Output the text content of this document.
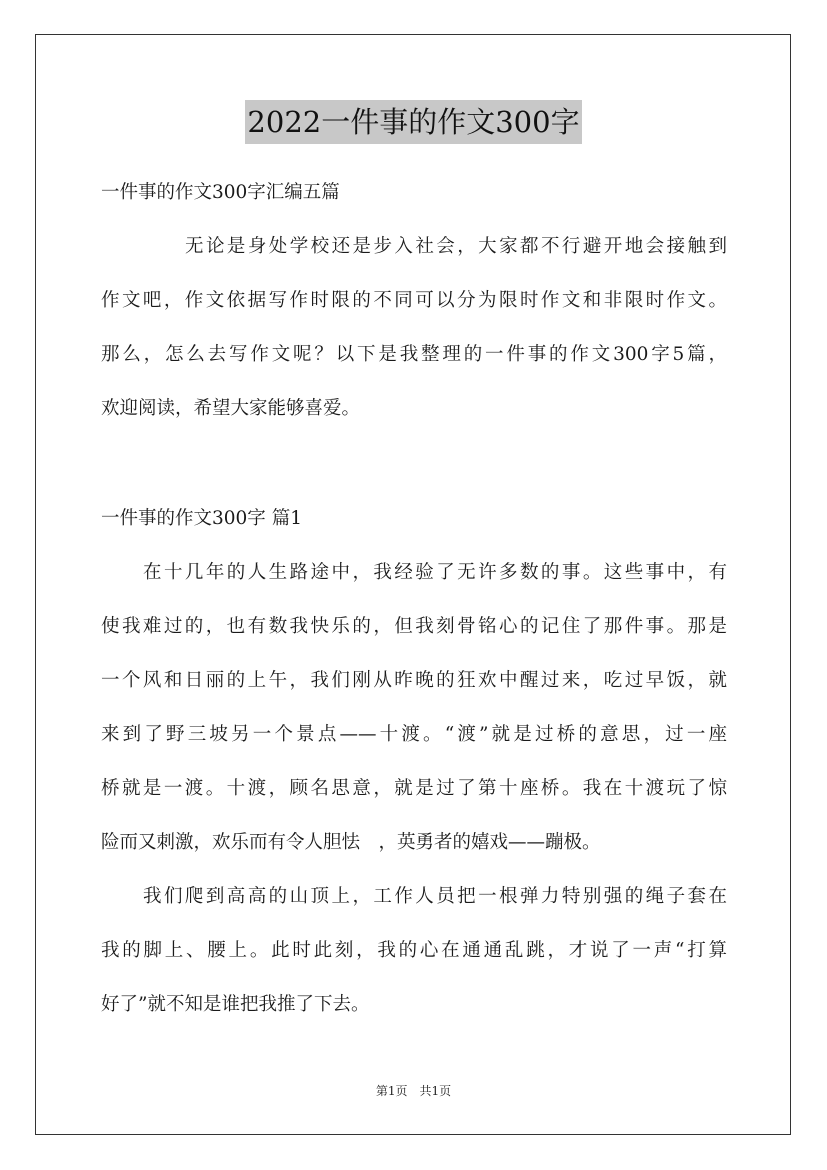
2022一件事的作文300字
一件事的作文300字汇编五篇
无论是身处学校还是步入社会，大家都不行避开地会接触到
作文吧，作文依据写作时限的不同可以分为限时作文和非限时作文。
那么，怎么去写作文呢？以下是我整理的一件事的作文300字5篇，
欢迎阅读，希望大家能够喜爱。
一件事的作文300字 篇1
在十几年的人生路途中，我经验了无许多数的事。这些事中，有
使我难过的，也有数我快乐的，但我刻骨铭心的记住了那件事。那是
一个风和日丽的上午，我们刚从昨晚的狂欢中醒过来，吃过早饭，就
来到了野三坡另一个景点——十渡。“渡”就是过桥的意思，过一座
桥就是一渡。十渡，顾名思意，就是过了第十座桥。我在十渡玩了惊
险而又刺激，欢乐而有令人胆怯　，英勇者的嬉戏——蹦极。
我们爬到高高的山顶上，工作人员把一根弹力特别强的绳子套在
我的脚上、腰上。此时此刻，我的心在通通乱跳，才说了一声“打算
好了”就不知是谁把我推了下去。
第1页　共1页
